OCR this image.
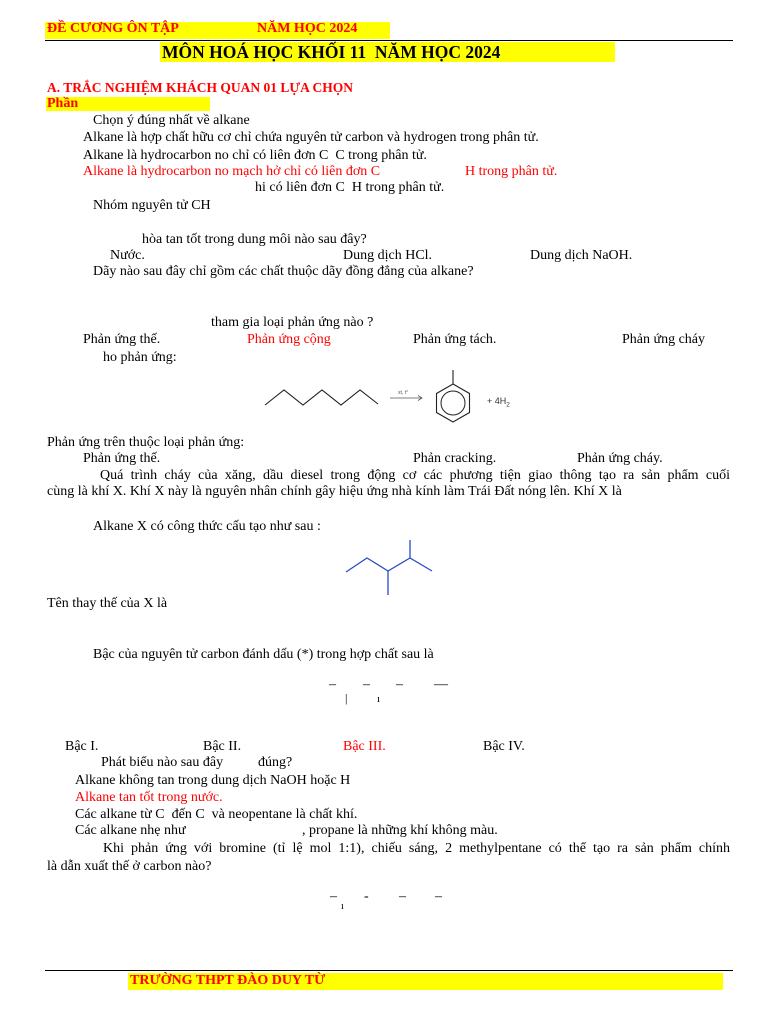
ĐỀ CƯƠNG ÔN TẬP	NĂM HỌC 2024
MÔN HOÁ HỌC KHỐI 11  NĂM HỌC 2024
A. TRẮC NGHIỆM KHÁCH QUAN 01 LỰA CHỌN
Phần
Chọn ý đúng nhất về alkane
Alkane là hợp chất hữu cơ chỉ chứa nguyên tử carbon và hydrogen trong phân tử.
Alkane là hydrocarbon no chỉ có liên đơn C  C trong phân tử.
Alkane là hydrocarbon no mạch hở chỉ có liên đơn C	H trong phân tử.
hi có liên đơn C  H trong phân tử.
Nhóm nguyên tử CH
hòa tan tốt trong dung môi nào sau đây?
Nước.	Dung dịch HCl.	Dung dịch NaOH.
Dãy nào sau đây chỉ gồm các chất thuộc dãy đồng đẳng của alkane?
tham gia loại phản ứng nào ?
Phản ứng thế.	Phản ứng cộng	Phản ứng tách.	Phản ứng cháy
ho phản ứng:
xt, t°
+ $4H_2$
Phản ứng trên thuộc loại phản ứng:
Phản ứng thế.	Phản cracking.	Phản ứng cháy.
Quá trình cháy của xăng, dầu diesel trong động cơ các phương tiện giao thông tạo ra sản phẩm cuối
cùng là khí X. Khí X này là nguyên nhân chính gây hiệu ứng nhà kính làm Trái Đất nóng lên. Khí X là
Alkane X có công thức cấu tạo như sau :
Tên thay thế của X là
Bậc của nguyên tử carbon đánh dấu (*) trong hợp chất sau là
– – – —
|	ı
Bậc I.	Bậc II.	Bậc III.	Bậc IV.
Phát biểu nào sau đây đúng?
Alkane không tan trong dung dịch NaOH hoặc H
Alkane tan tốt trong nước.
Các alkane từ C  đến C  và neopentane là chất khí.
Các alkane nhẹ như	, propane là những khí không màu.
Khi phản ứng với bromine (tỉ lệ mol 1:1), chiếu sáng, 2 methylpentane có thể tạo ra sản phẩm chính
là dẫn xuất thế ở carbon nào?
– - – –
ı
TRƯỜNG THPT ĐÀO DUY TỪ
